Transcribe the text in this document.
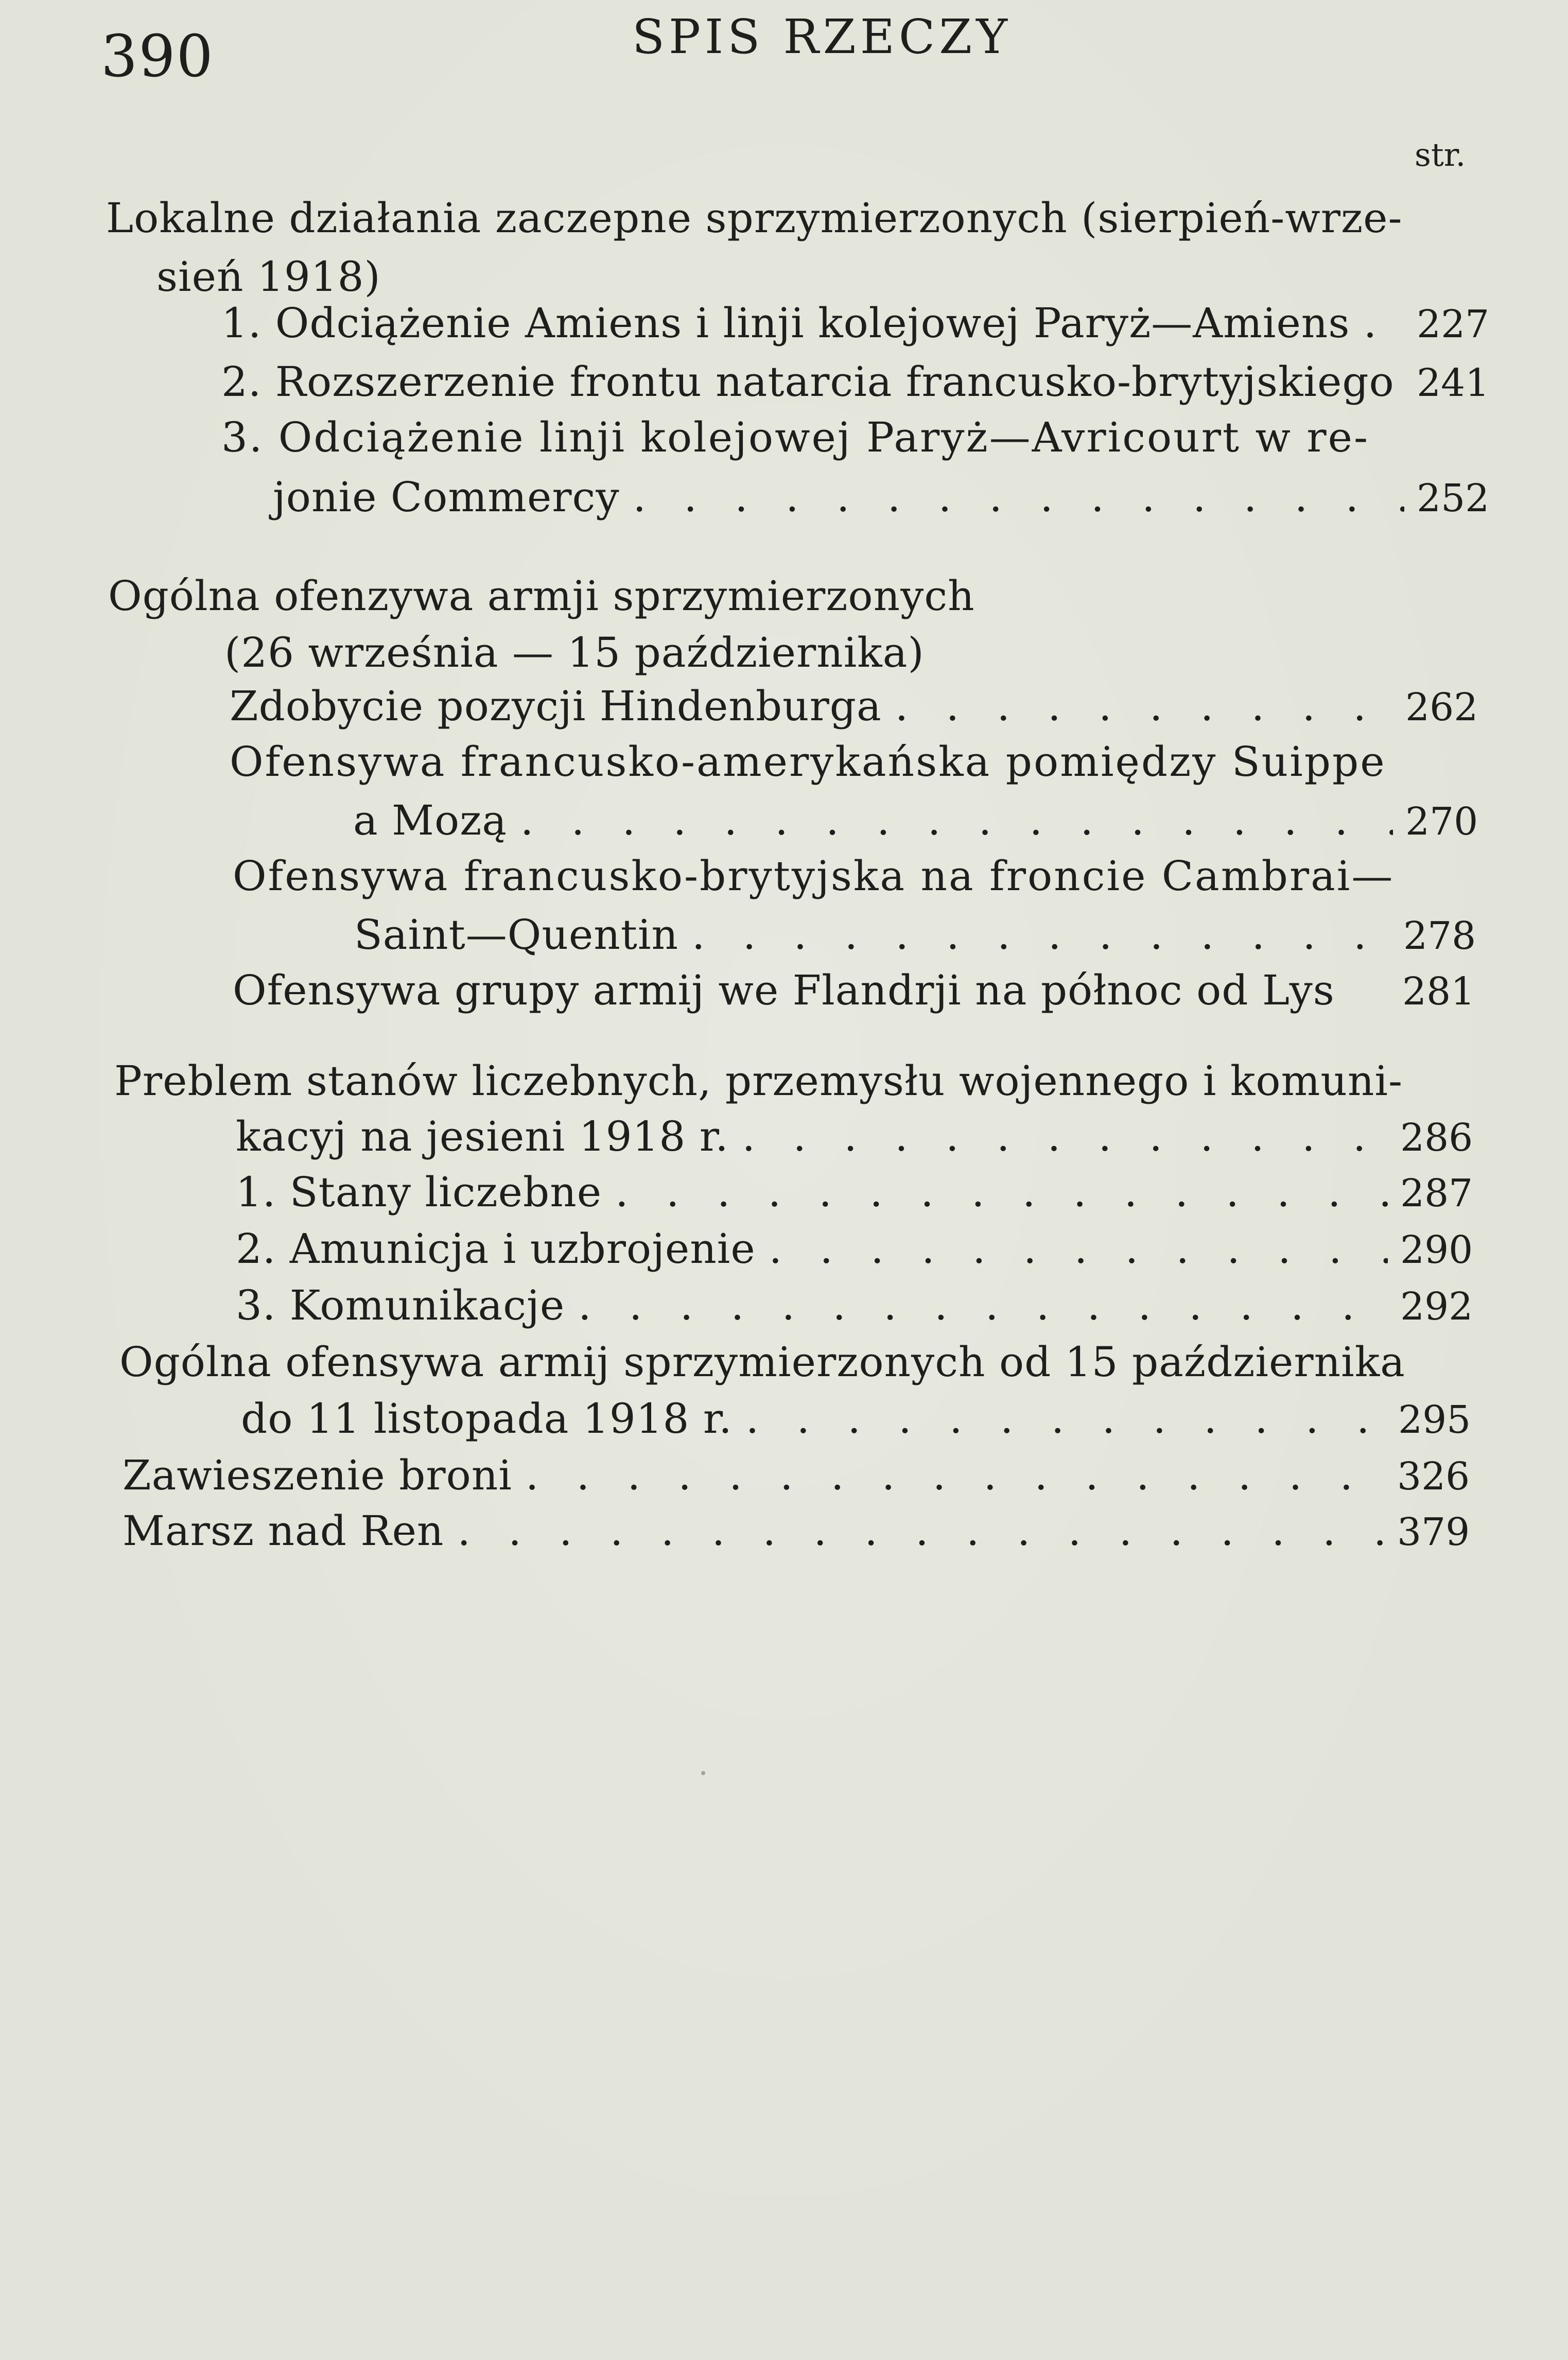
390	SPIS RZECZY
str.
Lokalne działania zaczepne sprzymierzonych (sierpień-wrze-
sień 1918)
1. Odciążenie Amiens i linji kolejowej Paryż—Amiens . 227
2. Rozszerzenie frontu natarcia francusko-brytyjskiego 241
3. Odciążenie linji kolejowej Paryż—Avricourt w re-
jonie Commercy . . .	252
Ogólna ofenzywa armji sprzymierzonych
(26 września — 15 października)
Zdobycie pozycji Hindenburga . . .	262
Ofensywa francusko-amerykańska pomiędzy Suippe
a Mozą . . .	270
Ofensywa francusko-brytyjska na froncie Cambrai—
Saint—Quentin . . .	278
Ofensywa grupy armij we Flandrji na północ od Lys 281
Preblem stanów liczebnych, przemysłu wojennego i komuni-
kacyj na jesieni 1918 r. . . .	286
1. Stany liczebne . . .	287
2. Amunicja i uzbrojenie . . .	290
3. Komunikacje . . .	292
Ogólna ofensywa armij sprzymierzonych od 15 października
do 11 listopada 1918 r. . . .	295
Zawieszenie broni . . .	326
Marsz nad Ren . . .	379
